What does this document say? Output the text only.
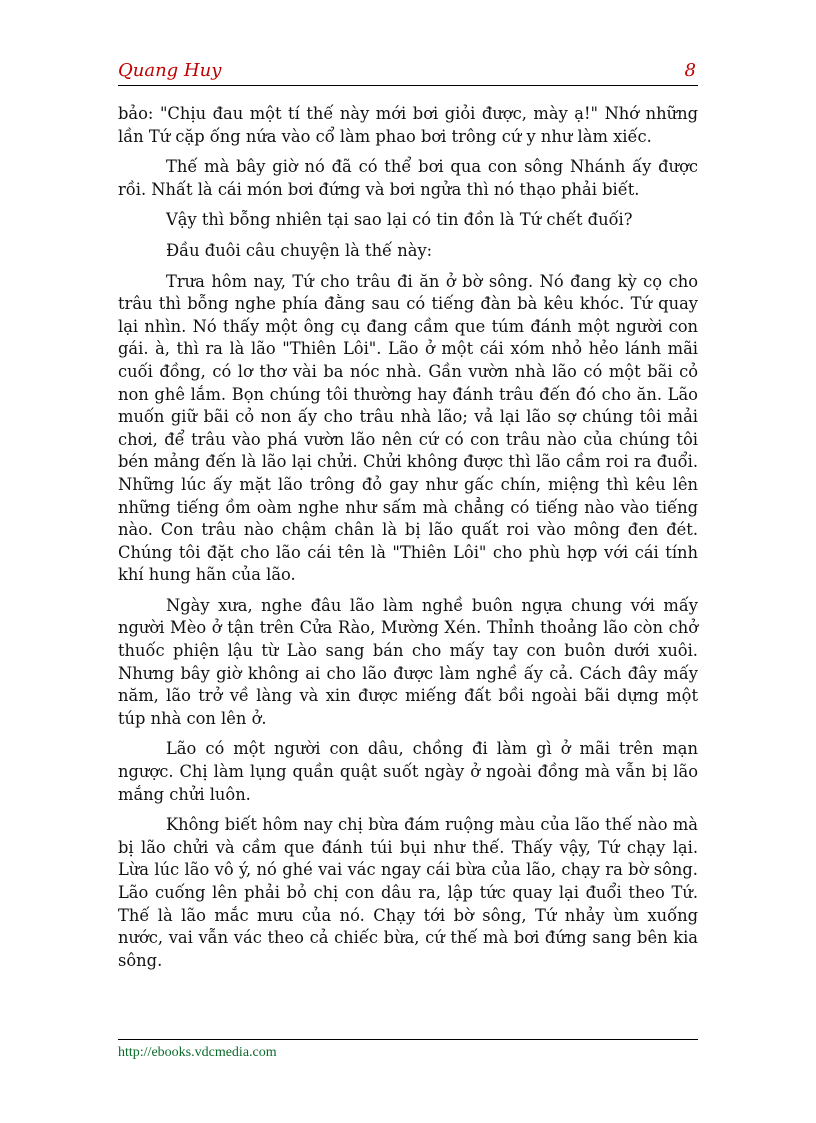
Quang Huy	8

bảo: "Chịu đau một tí thế này mới bơi giỏi được, mày ạ!" Nhớ những lần Tứ cặp ống nứa vào cổ làm phao bơi trông cứ y như làm xiếc.

Thế mà bây giờ nó đã có thể bơi qua con sông Nhánh ấy được rồi. Nhất là cái món bơi đứng và bơi ngửa thì nó thạo phải biết.

Vậy thì bỗng nhiên tại sao lại có tin đồn là Tứ chết đuối?

Đầu đuôi câu chuyện là thế này:

Trưa hôm nay, Tứ cho trâu đi ăn ở bờ sông. Nó đang kỳ cọ cho trâu thì bỗng nghe phía đằng sau có tiếng đàn bà kêu khóc. Tứ quay lại nhìn. Nó thấy một ông cụ đang cầm que túm đánh một người con gái. à, thì ra là lão "Thiên Lôi". Lão ở một cái xóm nhỏ hẻo lánh mãi cuối đồng, có lơ thơ vài ba nóc nhà. Gần vườn nhà lão có một bãi cỏ non ghê lắm. Bọn chúng tôi thường hay đánh trâu đến đó cho ăn. Lão muốn giữ bãi cỏ non ấy cho trâu nhà lão; vả lại lão sợ chúng tôi mải chơi, để trâu vào phá vườn lão nên cứ có con trâu nào của chúng tôi bén mảng đến là lão lại chửi. Chửi không được thì lão cầm roi ra đuổi. Những lúc ấy mặt lão trông đỏ gay như gấc chín, miệng thì kêu lên những tiếng ồm oàm nghe như sấm mà chẳng có tiếng nào vào tiếng nào. Con trâu nào chậm chân là bị lão quất roi vào mông đen đét. Chúng tôi đặt cho lão cái tên là "Thiên Lôi" cho phù hợp với cái tính khí hung hãn của lão.

Ngày xưa, nghe đâu lão làm nghề buôn ngựa chung với mấy người Mèo ở tận trên Cửa Rào, Mường Xén. Thỉnh thoảng lão còn chở thuốc phiện lậu từ Lào sang bán cho mấy tay con buôn dưới xuôi. Nhưng bây giờ không ai cho lão được làm nghề ấy cả. Cách đây mấy năm, lão trở về làng và xin được miếng đất bồi ngoài bãi dựng một túp nhà con lên ở.

Lão có một người con dâu, chồng đi làm gì ở mãi trên mạn ngược. Chị làm lụng quần quật suốt ngày ở ngoài đồng mà vẫn bị lão mắng chửi luôn.

Không biết hôm nay chị bừa đám ruộng màu của lão thế nào mà bị lão chửi và cầm que đánh túi bụi như thế. Thấy vậy, Tứ chạy lại. Lừa lúc lão vô ý, nó ghé vai vác ngay cái bừa của lão, chạy ra bờ sông. Lão cuống lên phải bỏ chị con dâu ra, lập tức quay lại đuổi theo Tứ. Thế là lão mắc mưu của nó. Chạy tới bờ sông, Tứ nhảy ùm xuống nước, vai vẫn vác theo cả chiếc bừa, cứ thế mà bơi đứng sang bên kia sông.

http://ebooks.vdcmedia.com
